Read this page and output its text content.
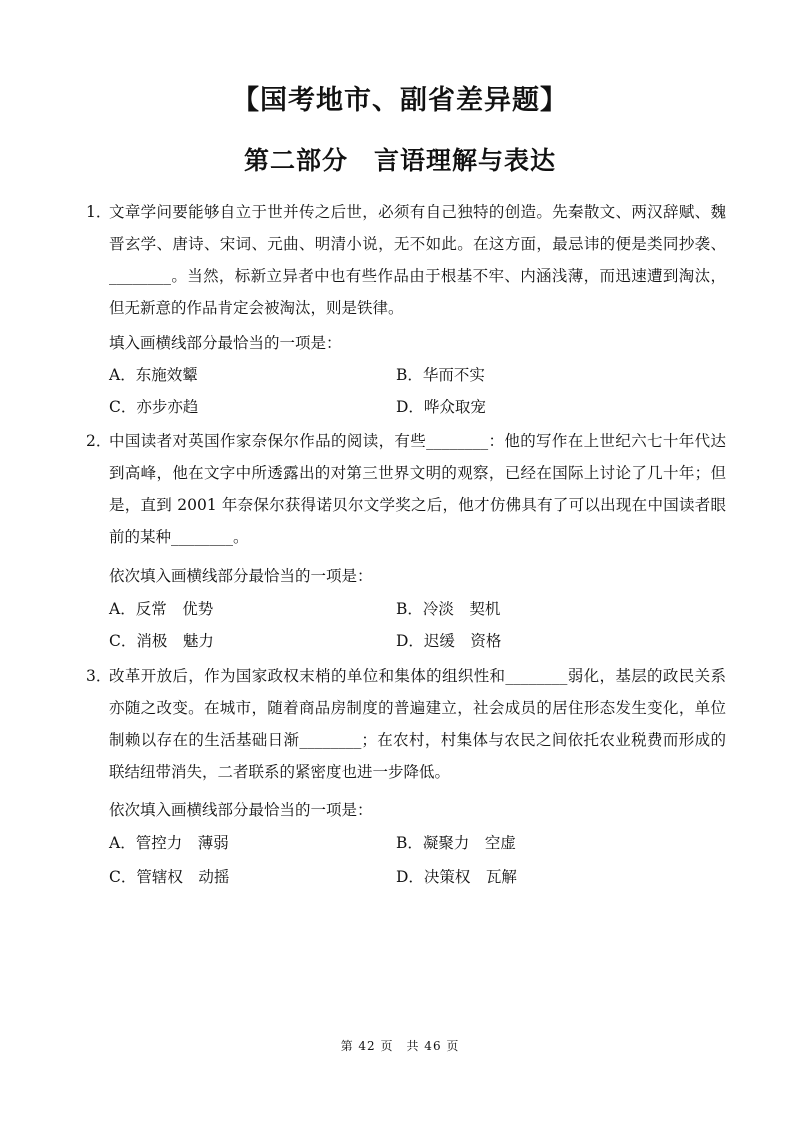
【国考地市、副省差异题】
第二部分　言语理解与表达
1．
文章学问要能够自立于世并传之后世，必须有自己独特的创造。先秦散文、两汉辞赋、魏晋玄学、唐诗、宋词、元曲、明清小说，无不如此。在这方面，最忌讳的便是类同抄袭、________。当然，标新立异者中也有些作品由于根基不牢、内涵浅薄，而迅速遭到淘汰，但无新意的作品肯定会被淘汰，则是铁律。
填入画横线部分最恰当的一项是：
A．东施效颦	B．华而不实
C．亦步亦趋	D．哗众取宠
2．
中国读者对英国作家奈保尔作品的阅读，有些________：他的写作在上世纪六七十年代达到高峰，他在文字中所透露出的对第三世界文明的观察，已经在国际上讨论了几十年；但是，直到 2001 年奈保尔获得诺贝尔文学奖之后，他才仿佛具有了可以出现在中国读者眼前的某种________。
依次填入画横线部分最恰当的一项是：
A．反常　优势	B．冷淡　契机
C．消极　魅力	D．迟缓　资格
3．
改革开放后，作为国家政权末梢的单位和集体的组织性和________弱化，基层的政民关系亦随之改变。在城市，随着商品房制度的普遍建立，社会成员的居住形态发生变化，单位制赖以存在的生活基础日渐________；在农村，村集体与农民之间依托农业税费而形成的联结纽带消失，二者联系的紧密度也进一步降低。
依次填入画横线部分最恰当的一项是：
A．管控力　薄弱	B．凝聚力　空虚
C．管辖权　动摇	D．决策权　瓦解
第 42 页　共 46 页
